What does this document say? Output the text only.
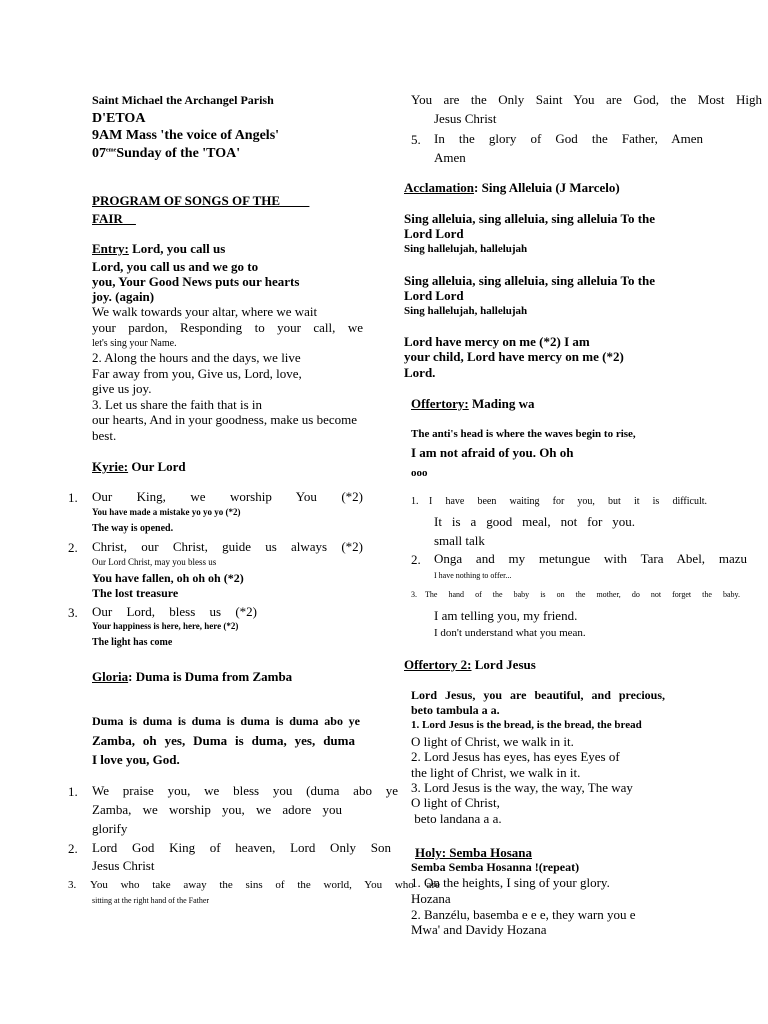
Saint Michael the Archangel Parish
D'ETOA
9AM Mass 'the voice of Angels'
07emeSunday of the 'TOA'
PROGRAM OF SONGS OF THE ____
FAIR__
Entry: Lord, you call us
Lord, you call us and we go to
you, Your Good News puts our hearts
joy. (again)
We walk towards your altar, where we wait
your pardon, Responding to your call, we
let's sing your Name.
2. Along the hours and the days, we live
Far away from you, Give us, Lord, love,
give us joy.
3. Let us share the faith that is in
our hearts, And in your goodness, make us become
best.
Kyrie: Our Lord
1. Our King, we worship You (*2)
You have made a mistake yo yo yo (*2)
The way is opened.
2. Christ, our Christ, guide us always (*2)
Our Lord Christ, may you bless us
You have fallen, oh oh oh (*2)
The lost treasure
3. Our Lord, bless us (*2)
Your happiness is here, here, here (*2)
The light has come
Gloria: Duma is Duma from Zamba
Duma is duma is duma is duma is duma abo ye
Zamba, oh yes, Duma is duma, yes, duma
I love you, God.
1. We praise you, we bless you (duma abo ye
Zamba, we worship you, we adore you
glorify
2. Lord God King of heaven, Lord Only Son
Jesus Christ
3. You who take away the sins of the world, You who are
sitting at the right hand of the Father
You are the Only Saint You are God, the Most High
Jesus Christ
5. In the glory of God the Father, Amen
Amen
Acclamation: Sing Alleluia (J Marcelo)
Sing alleluia, sing alleluia, sing alleluia To the
Lord Lord
Sing hallelujah, hallelujah
Sing alleluia, sing alleluia, sing alleluia To the
Lord Lord
Sing hallelujah, hallelujah
Lord have mercy on me (*2) I am
your child, Lord have mercy on me (*2)
Lord.
Offertory: Mading wa
The anti's head is where the waves begin to rise,
I am not afraid of you. Oh oh
ooo
1. I have been waiting for you, but it is difficult.
It is a good meal, not for you.
small talk
2. Onga and my metungue with Tara Abel, mazu
I have nothing to offer...
3. The hand of the baby is on the mother, do not forget the baby.
I am telling you, my friend.
I don't understand what you mean.
Offertory 2: Lord Jesus
Lord Jesus, you are beautiful, and precious,
beto tambula a a.
1. Lord Jesus is the bread, is the bread, the bread
O light of Christ, we walk in it.
2. Lord Jesus has eyes, has eyes Eyes of
the light of Christ, we walk in it.
3. Lord Jesus is the way, the way, The way
O light of Christ,
beto landana a a.
Holy: Semba Hosana
Semba Semba Hosanna !(repeat)
1. On the heights, I sing of your glory.
Hozana
2. Banzélu, basemba e e e, they warn you e
Mwa' and Davidy Hozana
